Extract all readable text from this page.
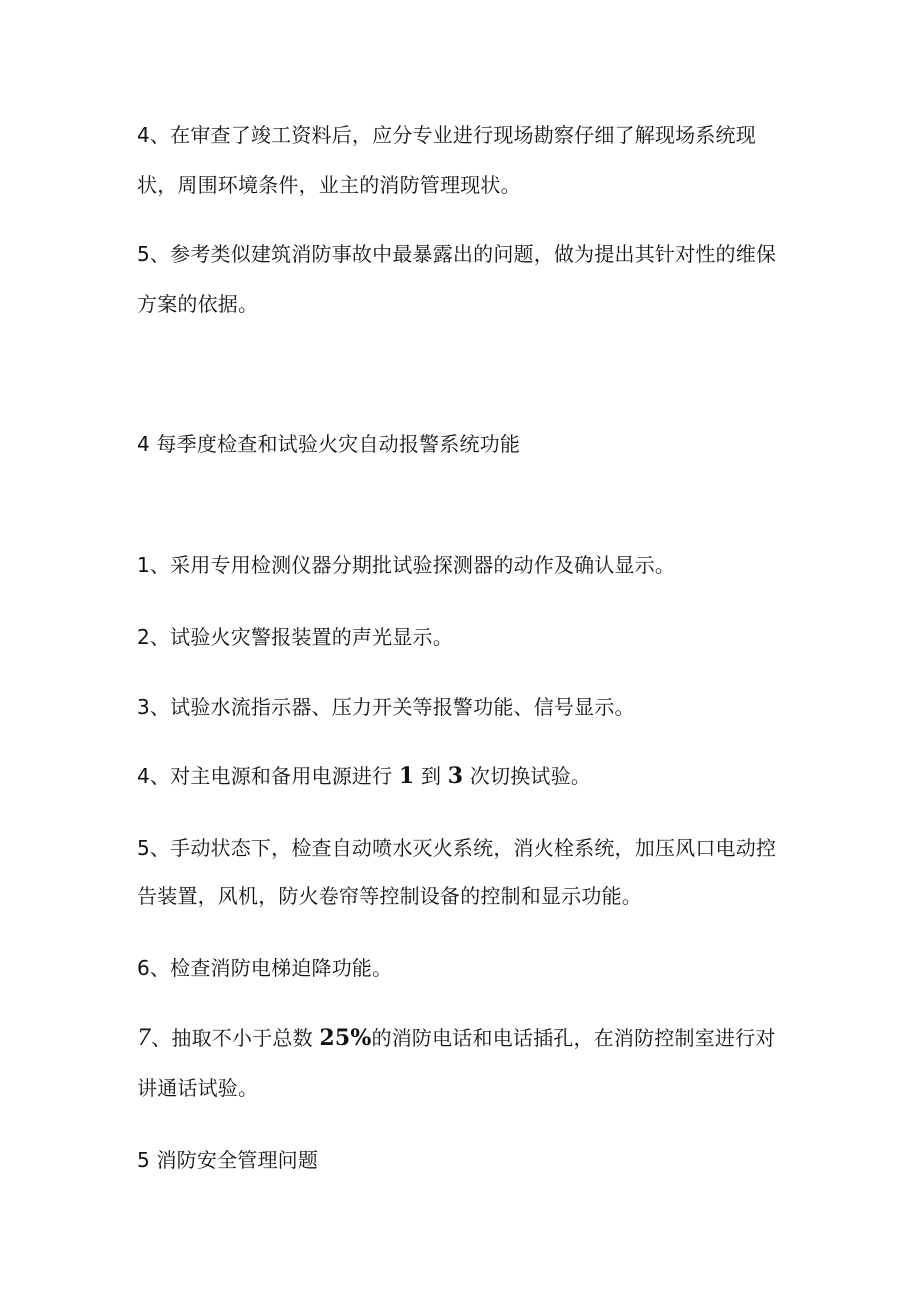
4、在审查了竣工资料后，应分专业进行现场勘察仔细了解现场系统现
状，周围环境条件，业主的消防管理现状。
5、参考类似建筑消防事故中最暴露出的问题，做为提出其针对性的维保
方案的依据。
4 每季度检查和试验火灾自动报警系统功能
1、采用专用检测仪器分期批试验探测器的动作及确认显示。
2、试验火灾警报装置的声光显示。
3、试验水流指示器、压力开关等报警功能、信号显示。
4、对主电源和备用电源进行 1 到 3 次切换试验。
5、手动状态下，检查自动喷水灭火系统，消火栓系统，加压风口电动控
告装置，风机，防火卷帘等控制设备的控制和显示功能。
6、检查消防电梯迫降功能。
7、抽取不小于总数 25%的消防电话和电话插孔，在消防控制室进行对
讲通话试验。
5 消防安全管理问题
